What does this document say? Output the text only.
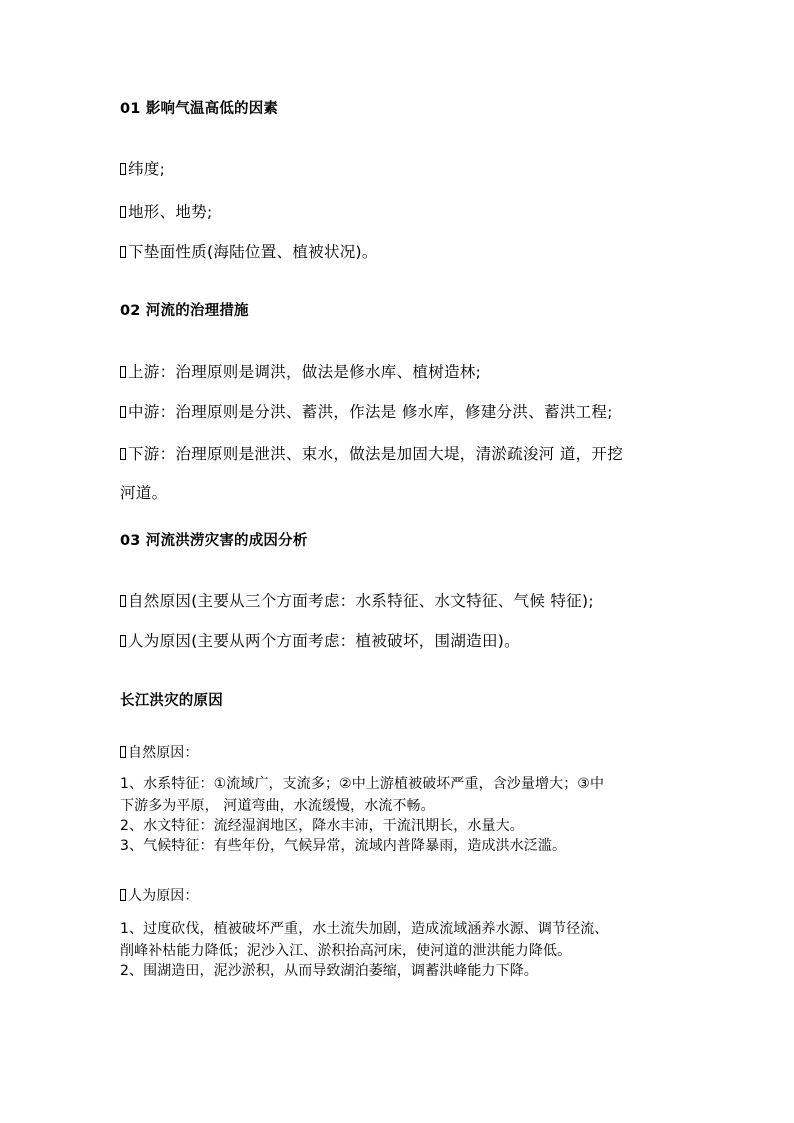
01 影响气温高低的因素
纬度;
地形、地势;
下垫面性质(海陆位置、植被状况)。
02 河流的治理措施
上游：治理原则是调洪，做法是修水库、植树造林;
中游：治理原则是分洪、蓄洪，作法是 修水库，修建分洪、蓄洪工程;
下游：治理原则是泄洪、束水，做法是加固大堤，清淤疏浚河 道，开挖
河道。
03 河流洪涝灾害的成因分析
自然原因(主要从三个方面考虑：水系特征、水文特征、气候 特征);
人为原因(主要从两个方面考虑：植被破坏，围湖造田)。
长江洪灾的原因
自然原因：
1、水系特征：①流域广，支流多；②中上游植被破坏严重，含沙量增大；③中
下游多为平原， 河道弯曲，水流缓慢，水流不畅。
2、水文特征：流经湿润地区，降水丰沛，干流汛期长，水量大。
3、气候特征：有些年份，气候异常，流域内普降暴雨，造成洪水泛滥。
人为原因：
1、过度砍伐，植被破坏严重，水土流失加剧，造成流域涵养水源、调节径流、
削峰补枯能力降低；泥沙入江、淤积抬高河床，使河道的泄洪能力降低。
2、围湖造田，泥沙淤积，从而导致湖泊萎缩，调蓄洪峰能力下降。
